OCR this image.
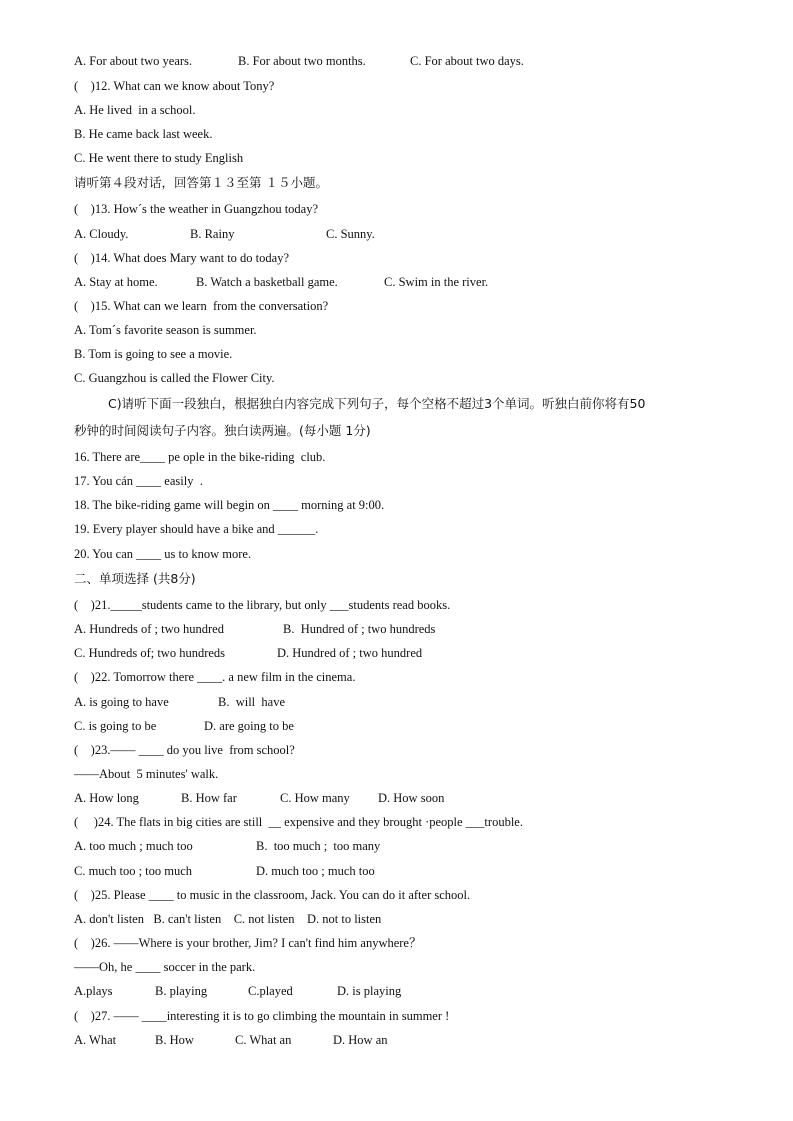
A. For about two years.	B. For about two months.	C. For about two days.
(    )12. What can we know about Tony?
A. He lived  in a school.
B. He came back last week.
C. He went there to study English
请听第４段对话，回答第１３至第 １５小题。
(    )13. How´s the weather in Guangzhou today?
A. Cloudy.	B. Rainy	C. Sunny.
(    )14. What does Mary want to do today?
A. Stay at home.	B. Watch a basketball game.	C. Swim in the river.
(    )15. What can we learn  from the conversation?
A. Tom´s favorite season is summer.
B. Tom is going to see a movie.
C. Guangzhou is called the Flower City.
C)请听下面一段独白，根据独白内容完成下列句子，每个空格不超过3个单词。听独白前你将有50
秒钟的时间阅读句子内容。独白读两遍。(每小题 1分)
16. There are____ pe ople in the bike-riding  club.
17. You cán ____ easily  .
18. The bike-riding game will begin on ____ morning at 9:00.
19. Every player should have a bike and ______.
20. You can ____ us to know more.
二、单项选择 (共8分)
(    )21._____students came to the library, but only ___students read books.
A. Hundreds of ; two hundred	B.  Hundred of ; two hundreds
C. Hundreds of; two hundreds	D. Hundred of ; two hundred
(    )22. Tomorrow there ____. a new film in the cinema.
A. is going to have	B.  will  have
C. is going to be	D. are going to be
(    )23.—— ____ do you live  from school?
——About  5 minutes' walk.
A. How long	B. How far	C. How many D. How soon
(     )24. The flats in big cities are still  __ expensive and they brought ·people ___trouble.
A. too much ; much too	B.  too much ;  too many
C. much too ; too much	D. much too ; much too
(    )25. Please ____ to music in the classroom, Jack. You can do it after school.
A. don't listen   B. can't listen    C. not listen    D. not to listen
(    )26. ——Where is your brother, Jim? I can't find him anywhere？
——Oh, he ____ soccer in the park.
A.plays	B. playing	C.played	D. is playing
(    )27. —— ____interesting it is to go climbing the mountain in summer !
A. What	B. How	C. What an	D. How an
